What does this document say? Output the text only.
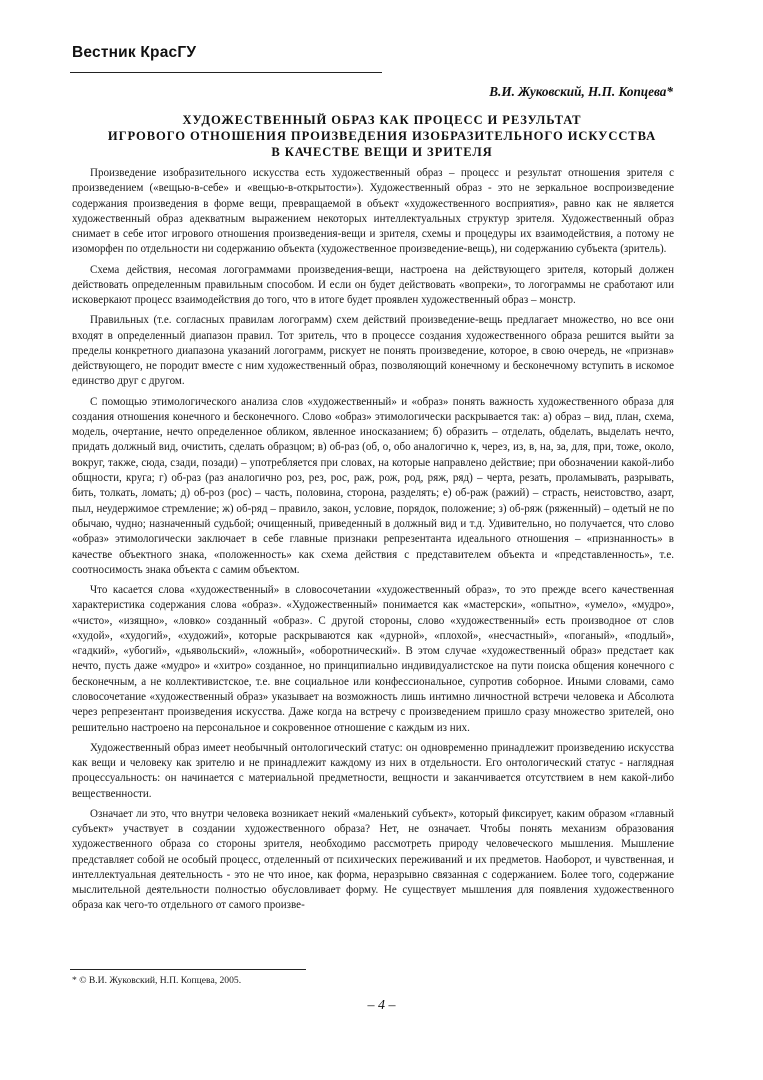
Вестник КрасГУ
В.И. Жуковский, Н.П. Копцева*
ХУДОЖЕСТВЕННЫЙ ОБРАЗ КАК ПРОЦЕСС И РЕЗУЛЬТАТ
ИГРОВОГО ОТНОШЕНИЯ ПРОИЗВЕДЕНИЯ ИЗОБРАЗИТЕЛЬНОГО ИСКУССТВА
В КАЧЕСТВЕ ВЕЩИ И ЗРИТЕЛЯ

Произведение изобразительного искусства есть художественный образ – процесс и результат отношения зрителя с произведением («вещью-в-себе» и «вещью-в-открытости»). Художественный образ - это не зеркальное воспроизведение содержания произведения в форме вещи, превращаемой в объект «художественного восприятия», равно как не является художественный образ адекватным выражением некоторых интеллектуальных структур зрителя. Художественный образ снимает в себе итог игрового отношения произведения-вещи и зрителя, схемы и процедуры их взаимодействия, а потому не изоморфен по отдельности ни содержанию объекта (художественное произведение-вещь), ни содержанию субъекта (зритель).

Схема действия, несомая логограммами произведения-вещи, настроена на действующего зрителя, который должен действовать определенным правильным способом. И если он будет действовать «вопреки», то логограммы не сработают или исковеркают процесс взаимодействия до того, что в итоге будет проявлен художественный образ – монстр.

Правильных (т.е. согласных правилам логограмм) схем действий произведение-вещь предлагает множество, но все они входят в определенный диапазон правил. Тот зритель, что в процессе создания художественного образа решится выйти за пределы конкретного диапазона указаний логограмм, рискует не понять произведение, которое, в свою очередь, не «признав» действующего, не породит вместе с ним художественный образ, позволяющий конечному и бесконечному вступить в искомое единство друг с другом.

С помощью этимологического анализа слов «художественный» и «образ» понять важность художественного образа для создания отношения конечного и бесконечного. Слово «образ» этимологически раскрывается так: а) образ – вид, план, схема, модель, очертание, нечто определенное обликом, явленное иносказанием; б) образить – отделать, обделать, выделать нечто, придать должный вид, очистить, сделать образцом; в) об-раз (об, о, обо аналогично к, через, из, в, на, за, для, при, тоже, около, вокруг, также, сюда, сзади, позади) – употребляется при словах, на которые направлено действие; при обозначении какой-либо общности, круга; г) об-раз (раз аналогично роз, рез, рос, раж, рож, род, ряж, ряд) – черта, резать, проламывать, разрывать, бить, толкать, ломать; д) об-роз (рос) – часть, половина, сторона, разделять; е) об-раж (ражий) – страсть, неистовство, азарт, пыл, неудержимое стремление; ж) об-ряд – правило, закон, условие, порядок, положение; з) об-ряж (ряженный) – одетый не по обычаю, чудно; назначенный судьбой; очищенный, приведенный в должный вид и т.д. Удивительно, но получается, что слово «образ» этимологически заключает в себе главные признаки репрезентанта идеального отношения – «признанность» в качестве объектного знака, «положенность» как схема действия с представителем объекта и «представленность», т.е. соотносимость знака объекта с самим объектом.

Что касается слова «художественный» в словосочетании «художественный образ», то это прежде всего качественная характеристика содержания слова «образ». «Художественный» понимается как «мастерски», «опытно», «умело», «мудро», «чисто», «изящно», «ловко» созданный «образ». С другой стороны, слово «художественный» есть производное от слов «худой», «худогий», «художий», которые раскрываются как «дурной», «плохой», «несчастный», «поганый», «подлый», «гадкий», «убогий», «дьявольский», «ложный», «оборотнический». В этом случае «художественный образ» предстает как нечто, пусть даже «мудро» и «хитро» созданное, но принципиально индивидуалистское на пути поиска общения конечного с бесконечным, а не коллективистское, т.е. вне социальное или конфессиональное, супротив соборное. Иными словами, само словосочетание «художественный образ» указывает на возможность лишь интимно личностной встречи человека и Абсолюта через репрезентант произведения искусства. Даже когда на встречу с произведением пришло сразу множество зрителей, оно решительно настроено на персональное и сокровенное отношение с каждым из них.

Художественный образ имеет необычный онтологический статус: он одновременно принадлежит произведению искусства как вещи и человеку как зрителю и не принадлежит каждому из них в отдельности. Его онтологический статус - наглядная процессуальность: он начинается с материальной предметности, вещности и заканчивается отсутствием в нем какой-либо вещественности.

Означает ли это, что внутри человека возникает некий «маленький субъект», который фиксирует, каким образом «главный субъект» участвует в создании художественного образа? Нет, не означает. Чтобы понять механизм образования художественного образа со стороны зрителя, необходимо рассмотреть природу человеческого мышления. Мышление представляет собой не особый процесс, отделенный от психических переживаний и их предметов. Наоборот, и чувственная, и интеллектуальная деятельность - это не что иное, как форма, неразрывно связанная с содержанием. Более того, содержание мыслительной деятельности полностью обусловливает форму. Не существует мышления для появления художественного образа как чего-то отдельного от самого произве-

* © В.И. Жуковский, Н.П. Копцева, 2005.
– 4 –
